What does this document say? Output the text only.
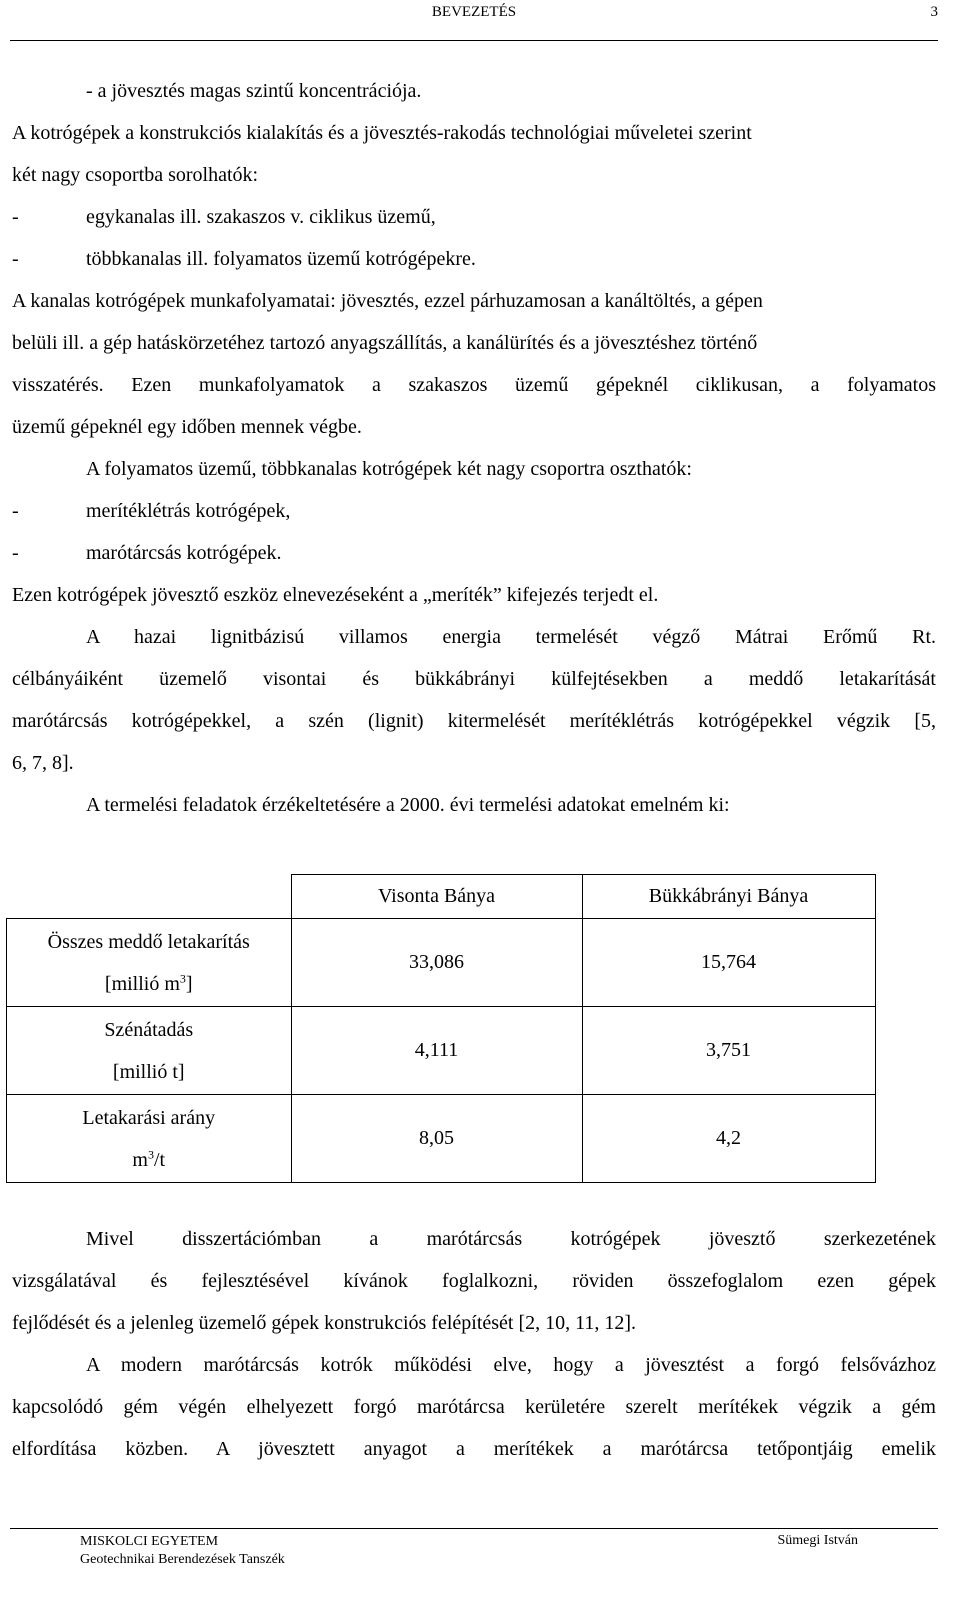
BEVEZETÉS	3
- a jövesztés magas szintű koncentrációja.
A kotrógépek a konstrukciós kialakítás és a jövesztés-rakodás technológiai műveletei szerint
két nagy csoportba sorolhatók:
-	egykanalas ill. szakaszos v. ciklikus üzemű,
-	többkanalas ill. folyamatos üzemű kotrógépekre.
A kanalas kotrógépek munkafolyamatai: jövesztés, ezzel párhuzamosan a kanáltöltés, a gépen
belüli ill. a gép hatáskörzetéhez tartozó anyagszállítás, a kanálürítés és a jövesztéshez történő
visszatérés. Ezen munkafolyamatok a szakaszos üzemű gépeknél ciklikusan, a folyamatos
üzemű gépeknél egy időben mennek végbe.
A folyamatos üzemű, többkanalas kotrógépek két nagy csoportra oszthatók:
-	merítéklétrás kotrógépek,
-	marótárcsás kotrógépek.
Ezen kotrógépek jövesztő eszköz elnevezéseként a „meríték” kifejezés terjedt el.
A hazai lignitbázisú villamos energia termelését végző Mátrai Erőmű Rt.
célbányáiként üzemelő visontai és bükkábrányi külfejtésekben a meddő letakarítását
marótárcsás kotrógépekkel, a szén (lignit) kitermelését merítéklétrás kotrógépekkel végzik [5,
6, 7, 8].
A termelési feladatok érzékeltetésére a 2000. évi termelési adatokat emelném ki:
	Visonta Bánya	Bükkábrányi Bánya

Összes meddő letakarítás
[millió $m^3$]	33,086	15,764

Szénátadás
[millió t]	4,111	3,751

Letakarási arány
$m^3/t$	8,05	4,2
Mivel disszertációmban a marótárcsás kotrógépek jövesztő szerkezetének
vizsgálatával és fejlesztésével kívánok foglalkozni, röviden összefoglalom ezen gépek
fejlődését és a jelenleg üzemelő gépek konstrukciós felépítését [2, 10, 11, 12].
A modern marótárcsás kotrók működési elve, hogy a jövesztést a forgó felsővázhoz
kapcsolódó gém végén elhelyezett forgó marótárcsa kerületére szerelt merítékek végzik a gém
elfordítása közben. A jövesztett anyagot a merítékek a marótárcsa tetőpontjáig emelik
MISKOLCI EGYETEM
Geotechnikai Berendezések Tanszék
Sümegi István
